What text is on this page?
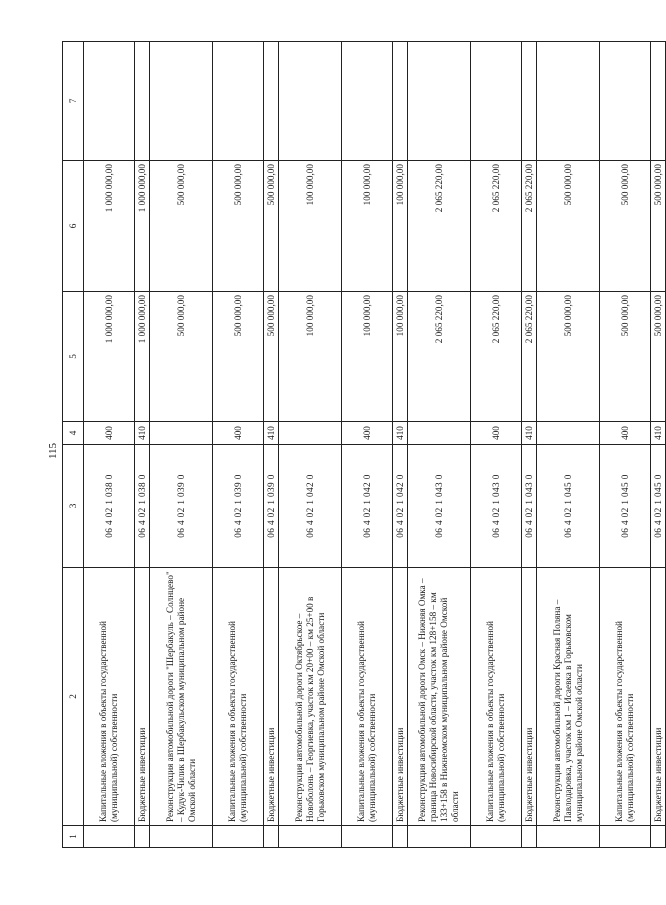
115
1	2	3	4	5	6	7
	Капитальные вложения в объекты государственной (муниципальной) собственности	06 4 02 1 038 0	400	1 000 000,00	1 000 000,00	
	Бюджетные инвестиции	06 4 02 1 038 0	410	1 000 000,00	1 000 000,00	
	Реконструкция автомобильной дороги "Шербакуль – Солнцево" – Кудук-Чилик в Шербакульском муниципальном районе Омской области	06 4 02 1 039 0		500 000,00	500 000,00	
	Капитальные вложения в объекты государственной (муниципальной) собственности	06 4 02 1 039 0	400	500 000,00	500 000,00	
	Бюджетные инвестиции	06 4 02 1 039 0	410	500 000,00	500 000,00	
	Реконструкция автомобильной дороги Октябрьское – Новоболонь – Георгиевка, участок км 20+00 – км 25+00 в Горьковском муниципальном районе Омской области	06 4 02 1 042 0		100 000,00	100 000,00	
	Капитальные вложения в объекты государственной (муниципальной) собственности	06 4 02 1 042 0	400	100 000,00	100 000,00	
	Бюджетные инвестиции	06 4 02 1 042 0	410	100 000,00	100 000,00	
	Реконструкция автомобильной дороги Омск – Нижняя Омка – граница Новосибирской области, участок км 128+158 – км 133+158 в Нижнеомском муниципальном районе Омской области	06 4 02 1 043 0		2 065 220,00	2 065 220,00	
	Капитальные вложения в объекты государственной (муниципальной) собственности	06 4 02 1 043 0	400	2 065 220,00	2 065 220,00	
	Бюджетные инвестиции	06 4 02 1 043 0	410	2 065 220,00	2 065 220,00	
	Реконструкция автомобильной дороги Красная Поляна – Павлодаровка, участок км 1 – Исаевка в Горьковском муниципальном районе Омской области	06 4 02 1 045 0		500 000,00	500 000,00	
	Капитальные вложения в объекты государственной (муниципальной) собственности	06 4 02 1 045 0	400	500 000,00	500 000,00	
	Бюджетные инвестиции	06 4 02 1 045 0	410	500 000,00	500 000,00	
